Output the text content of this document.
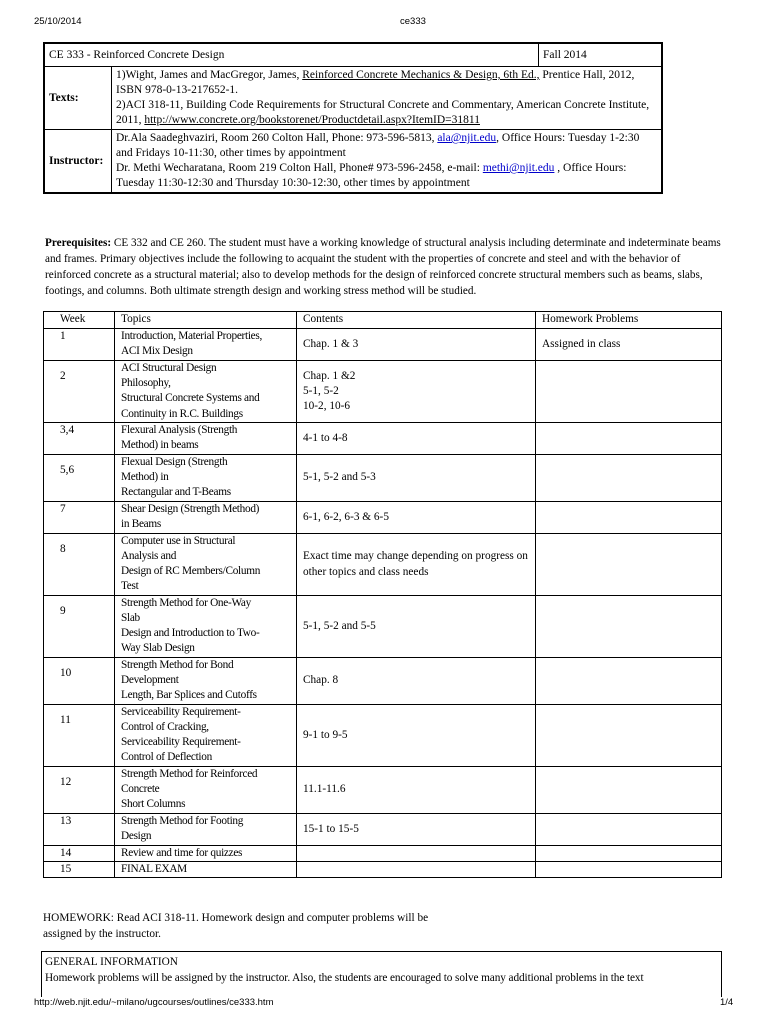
25/10/2014	ce333
CE 333 - Reinforced Concrete Design		Fall 2014
Texts:	1)Wight, James and MacGregor, James, Reinforced Concrete Mechanics & Design, 6th Ed., Prentice Hall, 2012, ISBN 978-0-13-217652-1.
2)ACI 318-11, Building Code Requirements for Structural Concrete and Commentary, American Concrete Institute, 2011, http://www.concrete.org/bookstorenet/Productdetail.aspx?ItemID=31811	
Instructor:	Dr.Ala Saadeghvaziri, Room 260 Colton Hall, Phone: 973-596-5813, ala@njit.edu, Office Hours: Tuesday 1-2:30 and Fridays 10-11:30, other times by appointment
Dr. Methi Wecharatana, Room 219 Colton Hall, Phone# 973-596-2458, e-mail: methi@njit.edu , Office Hours: Tuesday 11:30-12:30 and Thursday 10:30-12:30, other times by appointment	
Prerequisites: CE 332 and CE 260. The student must have a working knowledge of structural analysis including determinate and indeterminate beams and frames. Primary objectives include the following to acquaint the student with the properties of concrete and steel and with the behavior of reinforced concrete as a structural material; also to develop methods for the design of reinforced concrete structural members such as beams, slabs, footings, and columns. Both ultimate strength design and working stress method will be studied.
Week	Topics	Contents	Homework Problems
1	Introduction, Material Properties,
ACI Mix Design	Chap. 1 & 3	Assigned in class
2	ACI Structural Design
Philosophy,
Structural Concrete Systems and
Continuity in R.C. Buildings	Chap. 1 &2
5-1, 5-2
10-2, 10-6	
3,4	Flexural Analysis (Strength
Method) in beams	4-1 to 4-8	
5,6	Flexual Design (Strength
Method) in
Rectangular and T-Beams	5-1, 5-2 and 5-3	
7	Shear Design (Strength Method)
in Beams	6-1, 6-2, 6-3 & 6-5	
8	Computer use in Structural
Analysis and
Design of RC Members/Column
Test	Exact time may change depending on progress on other topics and class needs	
9	Strength Method for One-Way
Slab
Design and Introduction to Two-
Way Slab Design	5-1, 5-2 and 5-5	
10	Strength Method for Bond
Development
Length, Bar Splices and Cutoffs	Chap. 8	
11	Serviceability Requirement-
Control of Cracking,
Serviceability Requirement-
Control of Deflection	9-1 to 9-5	
12	Strength Method for Reinforced
Concrete
Short Columns	11.1-11.6	
13	Strength Method for Footing
Design	15-1 to 15-5	
14	Review and time for quizzes		
15	FINAL EXAM		
HOMEWORK: Read ACI 318-11. Homework design and computer problems will be assigned by the instructor.
GENERAL INFORMATION
Homework problems will be assigned by the instructor. Also, the students are encouraged to solve many additional problems in the text
http://web.njit.edu/~milano/ugcourses/outlines/ce333.htm	1/4
